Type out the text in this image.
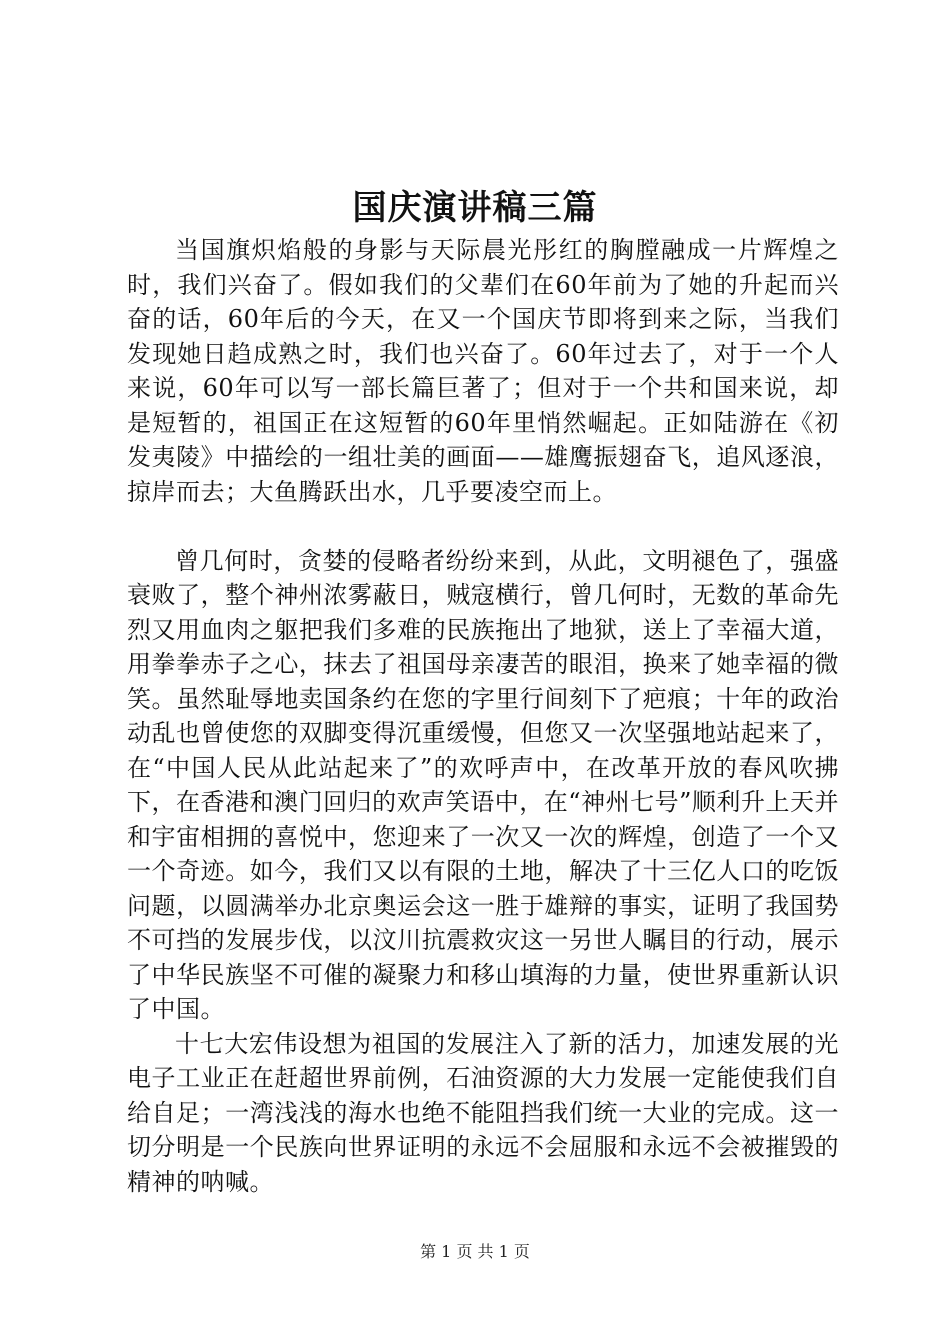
国庆演讲稿三篇

当国旗炽焰般的身影与天际晨光彤红的胸膛融成一片辉煌之时，我们兴奋了。假如我们的父辈们在60年前为了她的升起而兴奋的话，60年后的今天，在又一个国庆节即将到来之际，当我们发现她日趋成熟之时，我们也兴奋了。60年过去了，对于一个人来说，60年可以写一部长篇巨著了；但对于一个共和国来说，却是短暂的，祖国正在这短暂的60年里悄然崛起。正如陆游在《初发夷陵》中描绘的一组壮美的画面——雄鹰振翅奋飞，追风逐浪，掠岸而去；大鱼腾跃出水，几乎要凌空而上。

曾几何时，贪婪的侵略者纷纷来到，从此，文明褪色了，强盛衰败了，整个神州浓雾蔽日，贼寇横行，曾几何时，无数的革命先烈又用血肉之躯把我们多难的民族拖出了地狱，送上了幸福大道，用拳拳赤子之心，抹去了祖国母亲凄苦的眼泪，换来了她幸福的微笑。虽然耻辱地卖国条约在您的字里行间刻下了疤痕；十年的政治动乱也曾使您的双脚变得沉重缓慢，但您又一次坚强地站起来了，在“中国人民从此站起来了”的欢呼声中，在改革开放的春风吹拂下，在香港和澳门回归的欢声笑语中，在“神州七号”顺利升上天并和宇宙相拥的喜悦中，您迎来了一次又一次的辉煌，创造了一个又一个奇迹。如今，我们又以有限的土地，解决了十三亿人口的吃饭问题，以圆满举办北京奥运会这一胜于雄辩的事实，证明了我国势不可挡的发展步伐，以汶川抗震救灾这一另世人瞩目的行动，展示了中华民族坚不可催的凝聚力和移山填海的力量，使世界重新认识了中国。

十七大宏伟设想为祖国的发展注入了新的活力，加速发展的光电子工业正在赶超世界前例，石油资源的大力发展一定能使我们自给自足；一湾浅浅的海水也绝不能阻挡我们统一大业的完成。这一切分明是一个民族向世界证明的永远不会屈服和永远不会被摧毁的精神的呐喊。

第 1 页 共 1 页
